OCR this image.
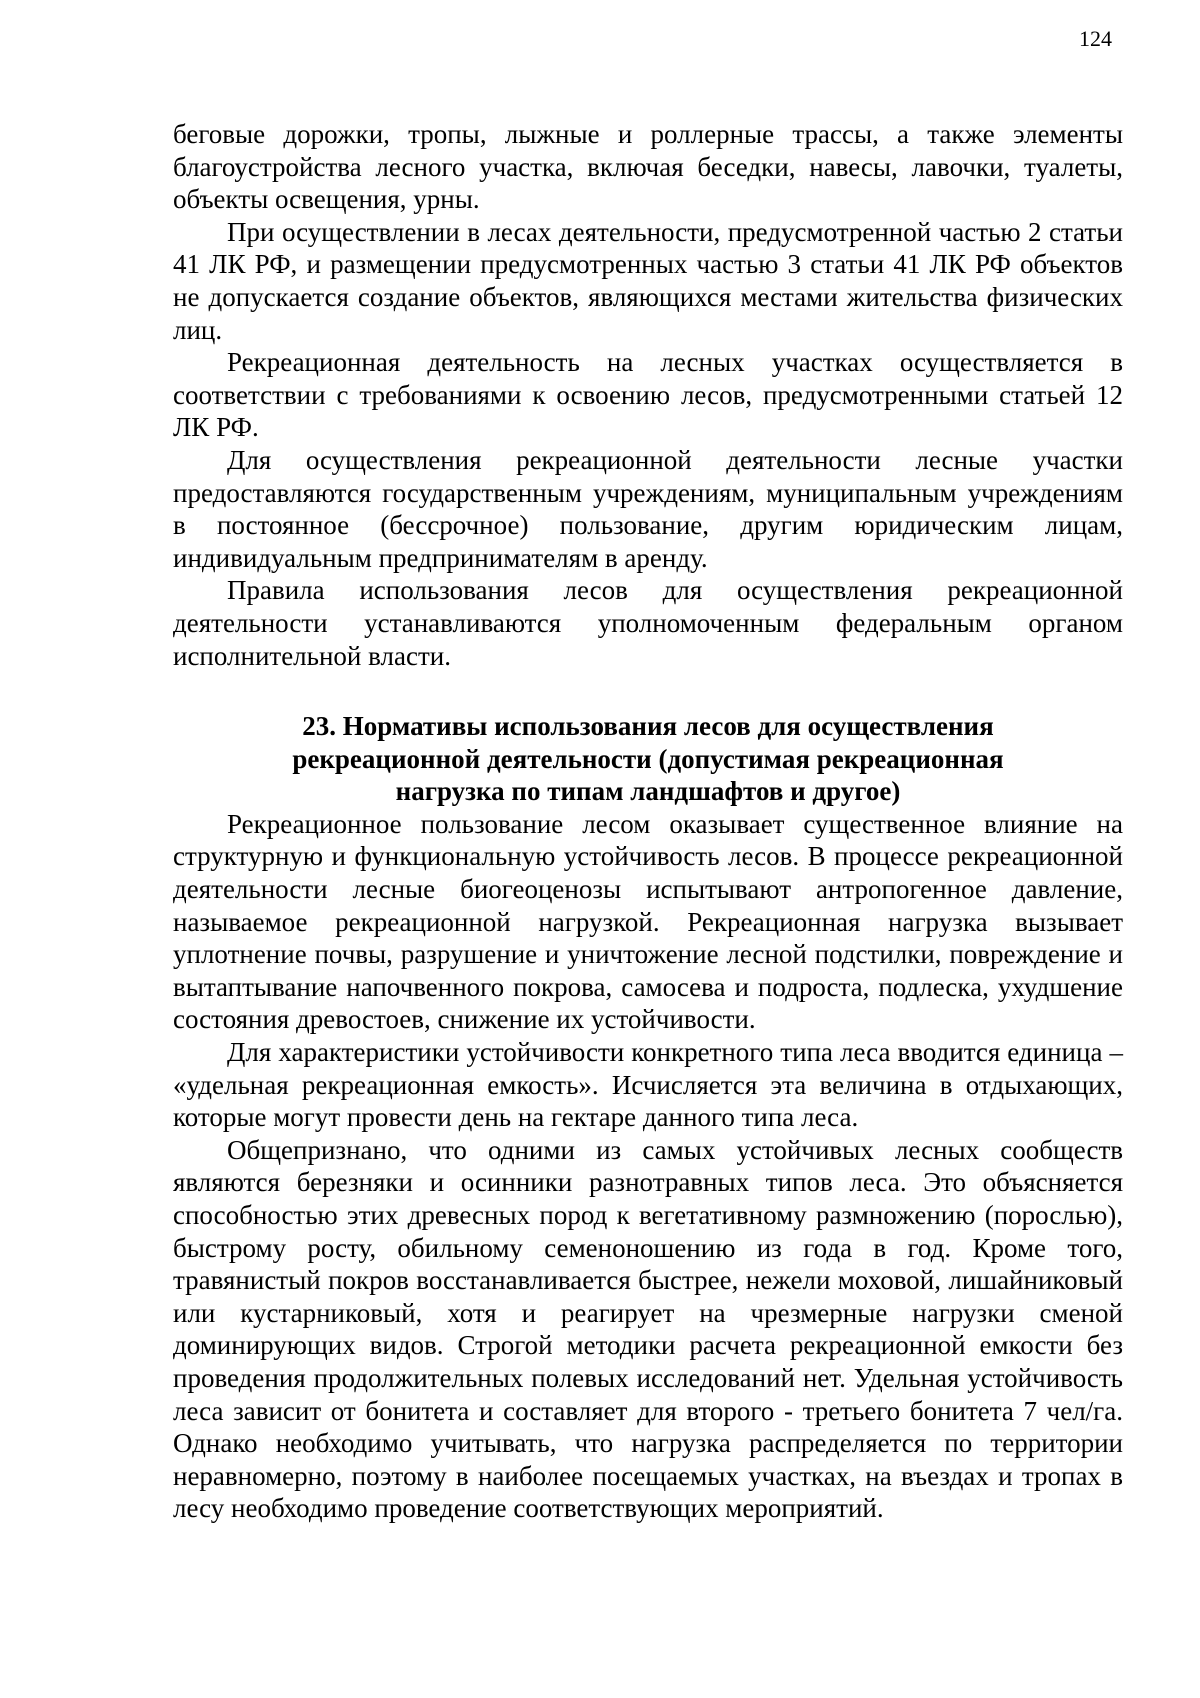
124

беговые дорожки, тропы, лыжные и роллерные трассы, а также элементы благоустройства лесного участка, включая беседки, навесы, лавочки, туалеты, объекты освещения, урны.

При осуществлении в лесах деятельности, предусмотренной частью 2 статьи 41 ЛК РФ, и размещении предусмотренных частью 3 статьи 41 ЛК РФ объектов не допускается создание объектов, являющихся местами жительства физических лиц.

Рекреационная деятельность на лесных участках осуществляется в соответствии с требованиями к освоению лесов, предусмотренными статьей 12 ЛК РФ.

Для осуществления рекреационной деятельности лесные участки предоставляются государственным учреждениям, муниципальным учреждениям в постоянное (бессрочное) пользование, другим юридическим лицам, индивидуальным предпринимателям в аренду.

Правила использования лесов для осуществления рекреационной деятельности устанавливаются уполномоченным федеральным органом исполнительной власти.

23. Нормативы использования лесов для осуществления
рекреационной деятельности (допустимая рекреационная
нагрузка по типам ландшафтов и другое)

Рекреационное пользование лесом оказывает существенное влияние на структурную и функциональную устойчивость лесов. В процессе рекреационной деятельности лесные биогеоценозы испытывают антропогенное давление, называемое рекреационной нагрузкой. Рекреационная нагрузка вызывает уплотнение почвы, разрушение и уничтожение лесной подстилки, повреждение и вытаптывание напочвенного покрова, самосева и подроста, подлеска, ухудшение состояния древостоев, снижение их устойчивости.

Для характеристики устойчивости конкретного типа леса вводится единица – «удельная рекреационная емкость». Исчисляется эта величина в отдыхающих, которые могут провести день на гектаре данного типа леса.

Общепризнано, что одними из самых устойчивых лесных сообществ являются березняки и осинники разнотравных типов леса. Это объясняется способностью этих древесных пород к вегетативному размножению (порослью), быстрому росту, обильному семеноношению из года в год. Кроме того, травянистый покров восстанавливается быстрее, нежели моховой, лишайниковый или кустарниковый, хотя и реагирует на чрезмерные нагрузки сменой доминирующих видов. Строгой методики расчета рекреационной емкости без проведения продолжительных полевых исследований нет. Удельная устойчивость леса зависит от бонитета и составляет для второго - третьего бонитета 7 чел/га. Однако необходимо учитывать, что нагрузка распределяется по территории неравномерно, поэтому в наиболее посещаемых участках, на въездах и тропах в лесу необходимо проведение соответствующих мероприятий.
